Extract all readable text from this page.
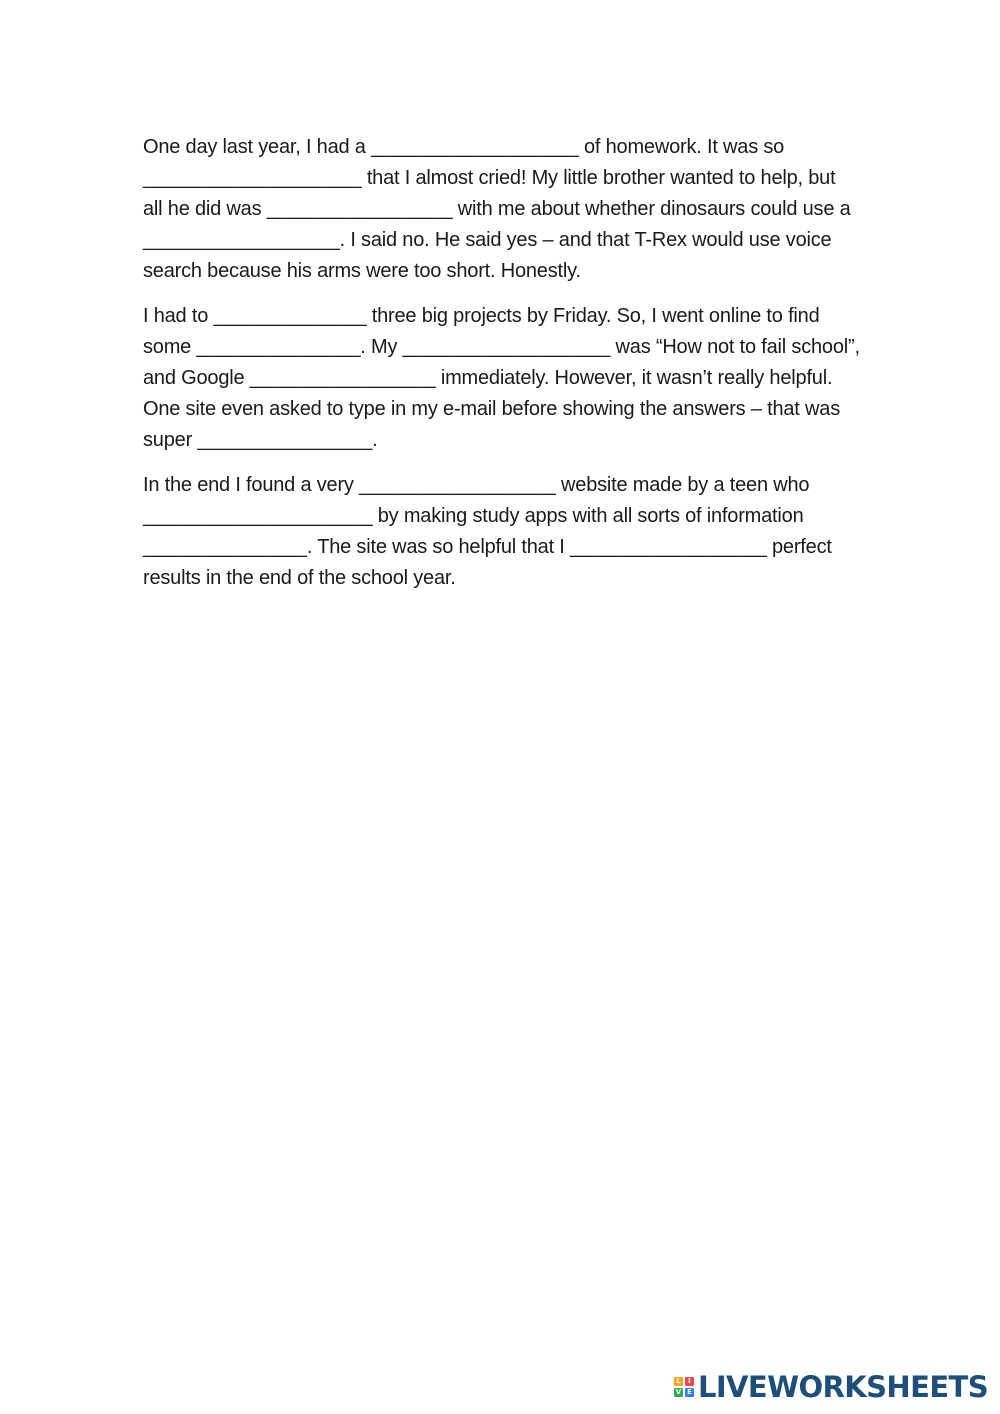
One day last year, I had a ___________________ of homework. It was so
____________________ that I almost cried! My little brother wanted to help, but
all he did was _________________ with me about whether dinosaurs could use a
__________________. I said no. He said yes – and that T-Rex would use voice
search because his arms were too short. Honestly.
I had to ______________ three big projects by Friday. So, I went online to find
some _______________. My ___________________ was “How not to fail school”,
and Google _________________ immediately. However, it wasn’t really helpful.
One site even asked to type in my e-mail before showing the answers – that was
super ________________.
In the end I found a very __________________ website made by a teen who
_____________________ by making study apps with all sorts of information
_______________. The site was so helpful that I __________________ perfect
results in the end of the school year.
L	I
V E LIVEWORKSHEETS
